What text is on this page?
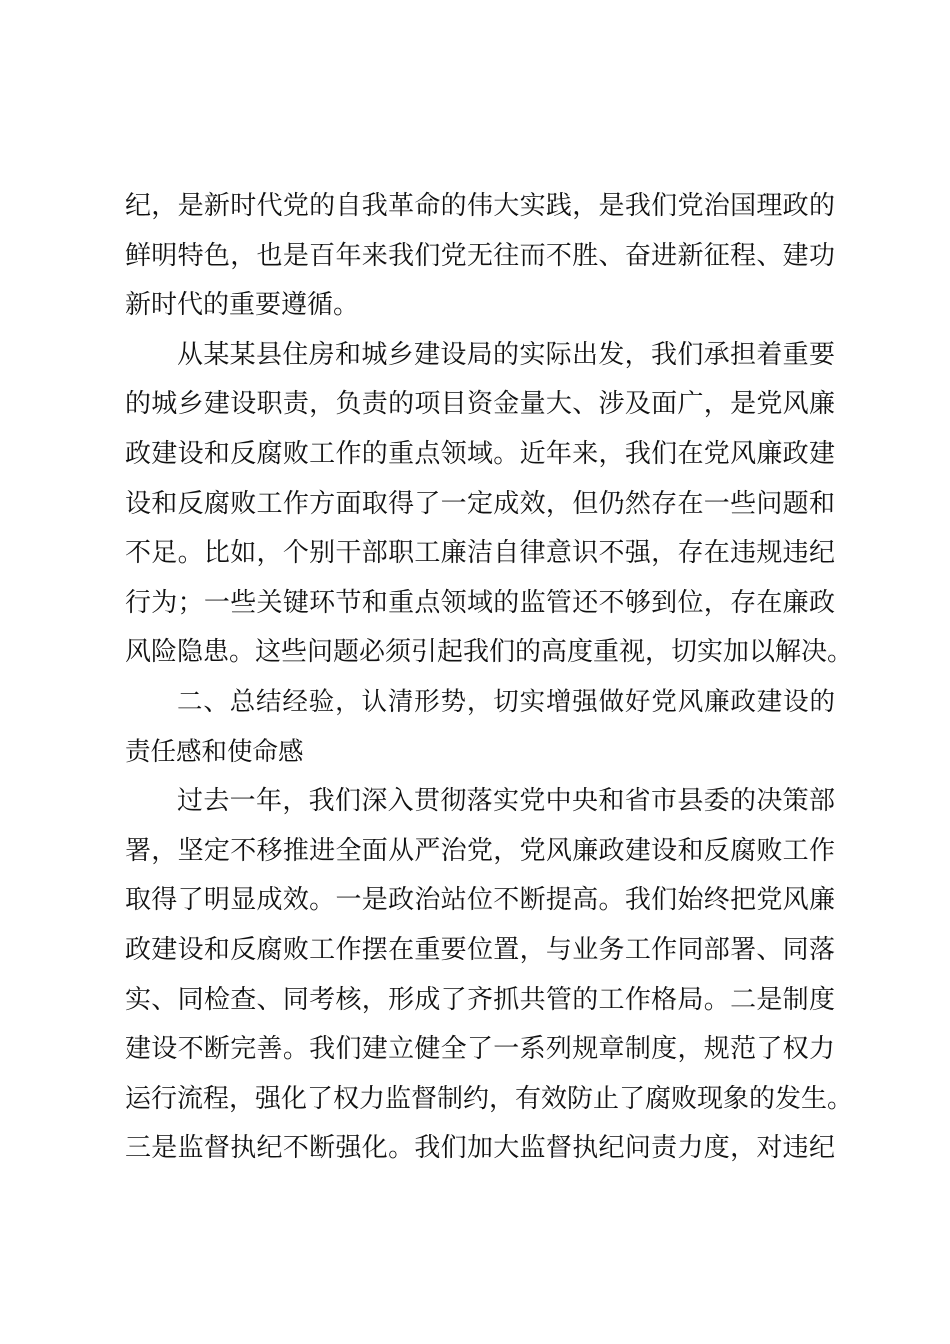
纪，是新时代党的自我革命的伟大实践，是我们党治国理政的
鲜明特色，也是百年来我们党无往而不胜、奋进新征程、建功
新时代的重要遵循。
从某某县住房和城乡建设局的实际出发，我们承担着重要
的城乡建设职责，负责的项目资金量大、涉及面广，是党风廉
政建设和反腐败工作的重点领域。近年来，我们在党风廉政建
设和反腐败工作方面取得了一定成效，但仍然存在一些问题和
不足。比如，个别干部职工廉洁自律意识不强，存在违规违纪
行为；一些关键环节和重点领域的监管还不够到位，存在廉政
风险隐患。这些问题必须引起我们的高度重视，切实加以解决。
二、总结经验，认清形势，切实增强做好党风廉政建设的
责任感和使命感
过去一年，我们深入贯彻落实党中央和省市县委的决策部
署，坚定不移推进全面从严治党，党风廉政建设和反腐败工作
取得了明显成效。一是政治站位不断提高。我们始终把党风廉
政建设和反腐败工作摆在重要位置，与业务工作同部署、同落
实、同检查、同考核，形成了齐抓共管的工作格局。二是制度
建设不断完善。我们建立健全了一系列规章制度，规范了权力
运行流程，强化了权力监督制约，有效防止了腐败现象的发生。
三是监督执纪不断强化。我们加大监督执纪问责力度，对违纪
